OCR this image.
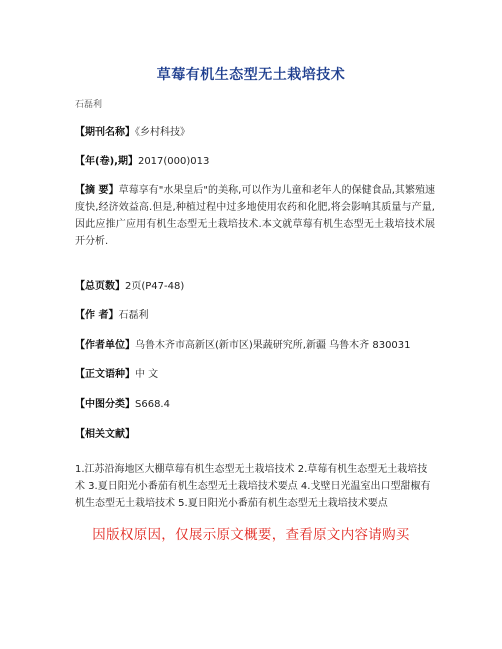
草莓有机生态型无土栽培技术
石磊利
【期刊名称】《乡村科技》
【年(卷),期】2017(000)013
【摘 要】草莓享有"水果皇后"的美称,可以作为儿童和老年人的保健食品,其繁殖速度快,经济效益高.但是,种植过程中过多地使用农药和化肥,将会影响其质量与产量,因此应推广应用有机生态型无土栽培技术.本文就草莓有机生态型无土栽培技术展开分析.
【总页数】2页(P47-48)
【作 者】石磊利
【作者单位】乌鲁木齐市高新区(新市区)果蔬研究所,新疆 乌鲁木齐 830031
【正文语种】中 文
【中图分类】S668.4
【相关文献】
1.江苏沿海地区大棚草莓有机生态型无土栽培技术 2.草莓有机生态型无土栽培技术 3.夏日阳光小番茄有机生态型无土栽培技术要点 4.戈壁日光温室出口型甜椒有机生态型无土栽培技术 5.夏日阳光小番茄有机生态型无土栽培技术要点
因版权原因，仅展示原文概要，查看原文内容请购买
